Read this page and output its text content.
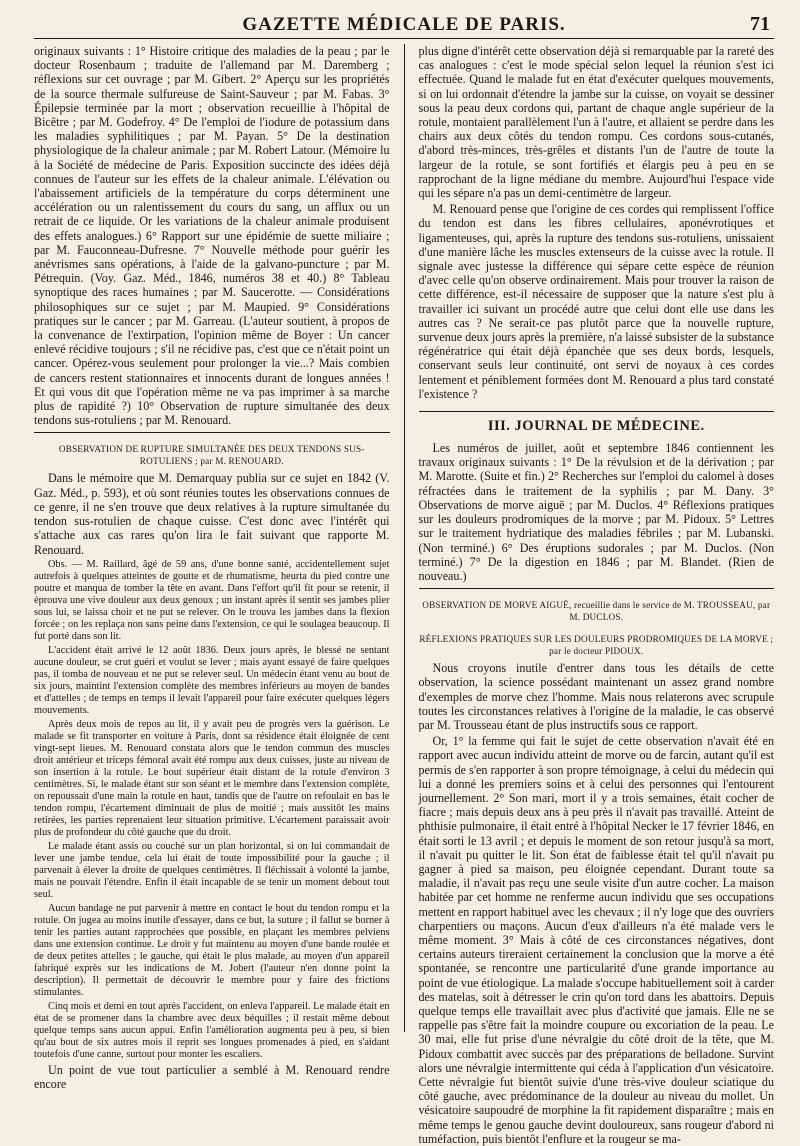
GAZETTE MÉDICALE DE PARIS.	71

originaux suivants : 1° Histoire critique des maladies de la peau ; par le docteur Rosenbaum ; traduite de l'allemand par M. Daremberg ; réflexions sur cet ouvrage ; par M. Gibert. 2° Aperçu sur les propriétés de la source thermale sulfureuse de Saint-Sauveur ; par M. Fabas. 3° Épilepsie terminée par la mort ; observation recueillie à l'hôpital de Bicêtre ; par M. Godefroy. 4° De l'emploi de l'iodure de potassium dans les maladies syphilitiques ; par M. Payan. 5° De la destination physiologique de la chaleur animale ; par M. Robert Latour. (Mémoire lu à la Société de médecine de Paris. Exposition succincte des idées déjà connues de l'auteur sur les effets de la chaleur animale. L'élévation ou l'abaissement artificiels de la température du corps déterminent une accélération ou un ralentissement du cours du sang, un afflux ou un retrait de ce liquide. Or les variations de la chaleur animale produisent des effets analogues.) 6° Rapport sur une épidémie de suette miliaire ; par M. Fauconneau-Dufresne. 7° Nouvelle méthode pour guérir les anévrismes sans opérations, à l'aide de la galvano-puncture ; par M. Pétrequin. (Voy. Gaz. Méd., 1846, numéros 38 et 40.) 8° Tableau synoptique des races humaines ; par M. Saucerotte. — Considérations philosophiques sur ce sujet ; par M. Maupied. 9° Considérations pratiques sur le cancer ; par M. Garreau. (L'auteur soutient, à propos de la convenance de l'extirpation, l'opinion même de Boyer : Un cancer enlevé récidive toujours ; s'il ne récidive pas, c'est que ce n'était point un cancer. Opérez-vous seulement pour prolonger la vie...? Mais combien de cancers restent stationnaires et innocents durant de longues années ! Et qui vous dit que l'opération même ne va pas imprimer à sa marche plus de rapidité ?) 10° Observation de rupture simultanée des deux tendons sus-rotuliens ; par M. Renouard.

OBSERVATION DE RUPTURE SIMULTANÉE DES DEUX TENDONS SUS-ROTULIENS ; par M. RENOUARD.

Dans le mémoire que M. Demarquay publia sur ce sujet en 1842 (V. Gaz. Méd., p. 593), et où sont réunies toutes les observations connues de ce genre, il ne s'en trouve que deux relatives à la rupture simultanée du tendon sus-rotulien de chaque cuisse. C'est donc avec l'intérêt qui s'attache aux cas rares qu'on lira le fait suivant que rapporte M. Renouard.

Obs. — M. Raillard, âgé de 59 ans, d'une bonne santé, accidentellement sujet autrefois à quelques atteintes de goutte et de rhumatisme, heurta du pied contre une poutre et manqua de tomber la tête en avant. Dans l'effort qu'il fit pour se retenir, il éprouva une vive douleur aux deux genoux ; un instant après il sentit ses jambes plier sous lui, se laissa choir et ne put se relever. On le trouva les jambes dans la flexion forcée ; on les replaça non sans peine dans l'extension, ce qui le soulagea beaucoup. Il fut porté dans son lit.

L'accident était arrivé le 12 août 1836. Deux jours après, le blessé ne sentant aucune douleur, se crut guéri et voulut se lever ; mais ayant essayé de faire quelques pas, il tomba de nouveau et ne put se relever seul. Un médecin étant venu au bout de six jours, maintint l'extension complète des membres inférieurs au moyen de bandes et d'attelles ; de temps en temps il levait l'appareil pour faire exécuter quelques légers mouvements.

Après deux mois de repos au lit, il y avait peu de progrès vers la guérison. Le malade se fit transporter en voiture à Paris, dont sa résidence était éloignée de cent vingt-sept lieues. M. Renouard constata alors que le tendon commun des muscles droit antérieur et triceps fémoral avait été rompu aux deux cuisses, juste au niveau de son insertion à la rotule. Le bout supérieur était distant de la rotule d'environ 3 centimètres. Si, le malade étant sur son séant et le membre dans l'extension complète, on repoussait d'une main la rotule en haut, tandis que de l'autre on refoulait en bas le tendon rompu, l'écartement diminuait de plus de moitié ; mais aussitôt les mains retirées, les parties reprenaient leur situation primitive. L'écartement paraissait avoir plus de profondeur du côté gauche que du droit.

Le malade étant assis ou couché sur un plan horizontal, si on lui commandait de lever une jambe tendue, cela lui était de toute impossibilité pour la gauche ; il parvenait à élever la droite de quelques centimètres. Il fléchissait à volonté la jambe, mais ne pouvait l'étendre. Enfin il était incapable de se tenir un moment debout tout seul.

Aucun bandage ne put parvenir à mettre en contact le bout du tendon rompu et la rotule. On jugea au moins inutile d'essayer, dans ce but, la suture ; il fallut se borner à tenir les parties autant rapprochées que possible, en plaçant les membres pelviens dans une extension continue. Le droit y fut maintenu au moyen d'une bande roulée et de deux petites attelles ; le gauche, qui était le plus malade, au moyen d'un appareil fabriqué exprès sur les indications de M. Jobert (l'auteur n'en donne point la description). Il permettait de découvrir le membre pour y faire des frictions stimulantes.

Cinq mois et demi en tout après l'accident, on enleva l'appareil. Le malade était en état de se promener dans la chambre avec deux béquilles ; il restait même debout quelque temps sans aucun appui. Enfin l'amélioration augmenta peu à peu, si bien qu'au bout de six autres mois il reprit ses longues promenades à pied, en s'aidant toutefois d'une canne, surtout pour monter les escaliers.

Un point de vue tout particulier a semblé à M. Renouard rendre encore

plus digne d'intérêt cette observation déjà si remarquable par la rareté des cas analogues : c'est le mode spécial selon lequel la réunion s'est ici effectuée. Quand le malade fut en état d'exécuter quelques mouvements, si on lui ordonnait d'étendre la jambe sur la cuisse, on voyait se dessiner sous la peau deux cordons qui, partant de chaque angle supérieur de la rotule, montaient parallèlement l'un à l'autre, et allaient se perdre dans les chairs aux deux côtés du tendon rompu. Ces cordons sous-cutanés, d'abord très-minces, très-grêles et distants l'un de l'autre de toute la largeur de la rotule, se sont fortifiés et élargis peu à peu en se rapprochant de la ligne médiane du membre. Aujourd'hui l'espace vide qui les sépare n'a pas un demi-centimètre de largeur.

M. Renouard pense que l'origine de ces cordes qui remplissent l'office du tendon est dans les fibres cellulaires, aponévrotiques et ligamenteuses, qui, après la rupture des tendons sus-rotuliens, unissaient d'une manière lâche les muscles extenseurs de la cuisse avec la rotule. Il signale avec justesse la différence qui sépare cette espèce de réunion d'avec celle qu'on observe ordinairement. Mais pour trouver la raison de cette différence, est-il nécessaire de supposer que la nature s'est plu à travailler ici suivant un procédé autre que celui dont elle use dans les autres cas ? Ne serait-ce pas plutôt parce que la nouvelle rupture, survenue deux jours après la première, n'a laissé subsister de la substance régénératrice qui était déjà épanchée que ses deux bords, lesquels, conservant seuls leur continuité, ont servi de noyaux à ces cordes lentement et péniblement formées dont M. Renouard a plus tard constaté l'existence ?

III. JOURNAL DE MÉDECINE.

Les numéros de juillet, août et septembre 1846 contiennent les travaux originaux suivants : 1° De la révulsion et de la dérivation ; par M. Marotte. (Suite et fin.) 2° Recherches sur l'emploi du calomel à doses réfractées dans le traitement de la syphilis ; par M. Dany. 3° Observations de morve aiguë ; par M. Duclos. 4° Réflexions pratiques sur les douleurs prodromiques de la morve ; par M. Pidoux. 5° Lettres sur le traitement hydriatique des maladies fébriles ; par M. Lubanski. (Non terminé.) 6° Des éruptions sudorales ; par M. Duclos. (Non terminé.) 7° De la digestion en 1846 ; par M. Blandet. (Rien de nouveau.)

OBSERVATION DE MORVE AIGUË, recueillie dans le service de M. TROUSSEAU, par M. DUCLOS.

RÉFLEXIONS PRATIQUES SUR LES DOULEURS PRODROMIQUES DE LA MORVE ; par le docteur PIDOUX.

Nous croyons inutile d'entrer dans tous les détails de cette observation, la science possédant maintenant un assez grand nombre d'exemples de morve chez l'homme. Mais nous relaterons avec scrupule toutes les circonstances relatives à l'origine de la maladie, le cas observé par M. Trousseau étant de plus instructifs sous ce rapport.

Or, 1° la femme qui fait le sujet de cette observation n'avait été en rapport avec aucun individu atteint de morve ou de farcin, autant qu'il est permis de s'en rapporter à son propre témoignage, à celui du médecin qui lui a donné les premiers soins et à celui des personnes qui l'entourent journellement. 2° Son mari, mort il y a trois semaines, était cocher de fiacre ; mais depuis deux ans à peu près il n'avait pas travaillé. Atteint de phthisie pulmonaire, il était entré à l'hôpital Necker le 17 février 1846, en était sorti le 13 avril ; et depuis le moment de son retour jusqu'à sa mort, il n'avait pu quitter le lit. Son état de faiblesse était tel qu'il n'avait pu gagner à pied sa maison, peu éloignée cependant. Durant toute sa maladie, il n'avait pas reçu une seule visite d'un autre cocher. La maison habitée par cet homme ne renferme aucun individu que ses occupations mettent en rapport habituel avec les chevaux ; il n'y loge que des ouvriers charpentiers ou maçons. Aucun d'eux d'ailleurs n'a été malade vers le même moment. 3° Mais à côté de ces circonstances négatives, dont certains auteurs tireraient certainement la conclusion que la morve a été spontanée, se rencontre une particularité d'une grande importance au point de vue étiologique. La malade s'occupe habituellement soit à carder des matelas, soit à détresser le crin qu'on tord dans les abattoirs. Depuis quelque temps elle travaillait avec plus d'activité que jamais. Elle ne se rappelle pas s'être fait la moindre coupure ou excoriation de la peau. Le 30 mai, elle fut prise d'une névralgie du côté droit de la tête, que M. Pidoux combattit avec succès par des préparations de belladone. Survint alors une névralgie intermittente qui céda à l'application d'un vésicatoire. Cette névralgie fut bientôt suivie d'une très-vive douleur sciatique du côté gauche, avec prédominance de la douleur au niveau du mollet. Un vésicatoire saupoudré de morphine la fit rapidement disparaître ; mais en même temps le genou gauche devint douloureux, sans rougeur d'abord ni tuméfaction, puis bientôt l'enflure et la rougeur se ma-
